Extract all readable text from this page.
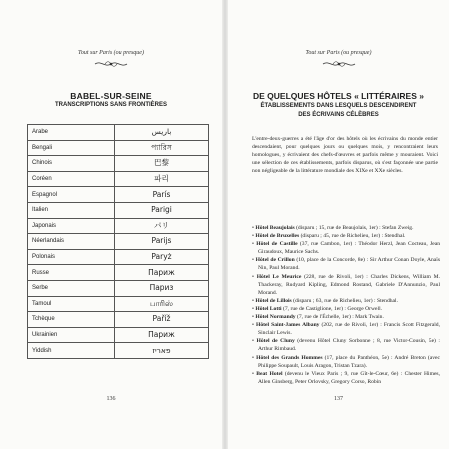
Tout sur Paris (ou presque)
BABEL-SUR-SEINE
TRANSCRIPTIONS SANS FRONTIÈRES
Arabe	باريس
Bengali	প্যারিস
Chinois	巴黎
Coréen	파리
Espagnol	París
Italien	Parigi
Japonais	パリ
Néerlandais	Parijs
Polonais	Paryż
Russe	Париж
Serbe	Париз
Tamoul	பாரிஸ்
Tchèque	Paříž
Ukrainien	Париж
Yiddish	פאריז
136
Tout sur Paris (ou presque)
DE QUELQUES HÔTELS « LITTÉRAIRES »
ÉTABLISSEMENTS DANS LESQUELS DESCENDIRENT
DES ÉCRIVAINS CÉLÈBRES

L'entre-deux-guerres a été l'âge d'or des hôtels où les écrivains du monde entier descendaient, pour quelques jours ou quelques mois, y rencontraient leurs homologues, y écrivaient des chefs-d'œuvres et parfois même y mouraient. Voici une sélection de ces établissements, parfois disparus, où s'est façonnée une partie non négligeable de la littérature mondiale des XIXe et XXe siècles.

• Hôtel Beaujolais (disparu ; 15, rue de Beaujolais, 1er) : Stefan Zweig.
• Hôtel de Bruxelles (disparu ; 45, rue de Richelieu, 1er) : Stendhal.
• Hôtel de Castille (37, rue Cambon, 1er) : Théodor Herzl, Jean Cocteau, Jean Giraudoux, Maurice Sachs.
• Hôtel de Crillon (10, place de la Concorde, 8e) : Sir Arthur Conan Doyle, Anaïs Nin, Paul Morand.
• Hôtel Le Meurice (228, rue de Rivoli, 1er) : Charles Dickens, William M. Thackeray, Rudyard Kipling, Edmond Rostand, Gabriele D'Annunzio, Paul Morand.
• Hôtel de Lillois (disparu ; 63, rue de Richelieu, 1er) : Stendhal.
• Hôtel Lotti (7, rue de Castiglione, 1er) : George Orwell.
• Hôtel Normandy (7, rue de l'Échelle, 1er) : Mark Twain.
• Hôtel Saint-James Albany (202, rue de Rivoli, 1er) : Francis Scott Fitzgerald, Sinclair Lewis.
• Hôtel de Cluny (devenu Hôtel Cluny Sorbonne ; 8, rue Victor-Cousin, 5e) : Arthur Rimbaud.
• Hôtel des Grands Hommes (17, place du Panthéon, 5e) : André Breton (avec Philippe Soupault, Louis Aragon, Tristan Tzara).
• Beat Hotel (devenu le Vieux Paris ; 9, rue Gît-le-Cœur, 6e) : Chester Himes, Allen Ginsberg, Peter Orlovsky, Gregory Corso, Robin
137
